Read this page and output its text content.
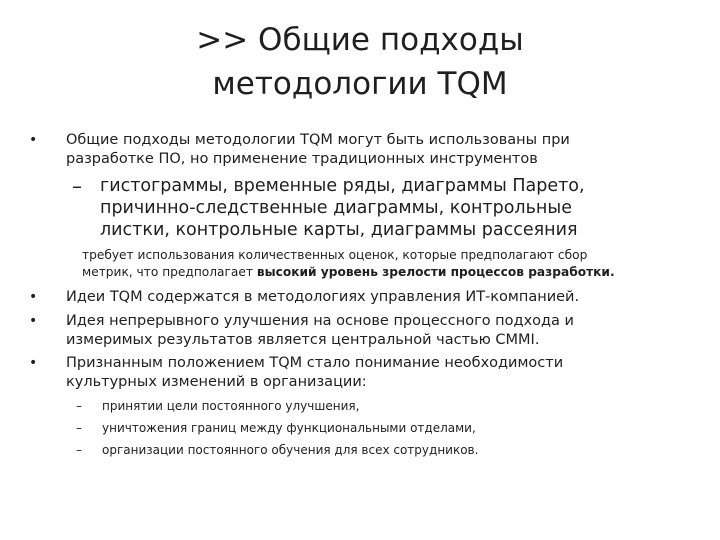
>> Общие подходы
методологии TQM
• Общие подходы методологии TQM могут быть использованы при
разработке ПО, но применение традиционных инструментов
– гистограммы, временные ряды, диаграммы Парето,
причинно-следственные диаграммы, контрольные
листки, контрольные карты, диаграммы рассеяния
требует использования количественных оценок, которые предполагают сбор
метрик, что предполагает высокий уровень зрелости процессов разработки.
• Идеи TQM содержатся в методологиях управления ИТ-компанией.
• Идея непрерывного улучшения на основе процессного подхода и
измеримых результатов является центральной частью CMMI.
• Признанным положением TQM стало понимание необходимости
культурных изменений в организации:
– принятии цели постоянного улучшения,
– уничтожения границ между функциональными отделами,
– организации постоянного обучения для всех сотрудников.
